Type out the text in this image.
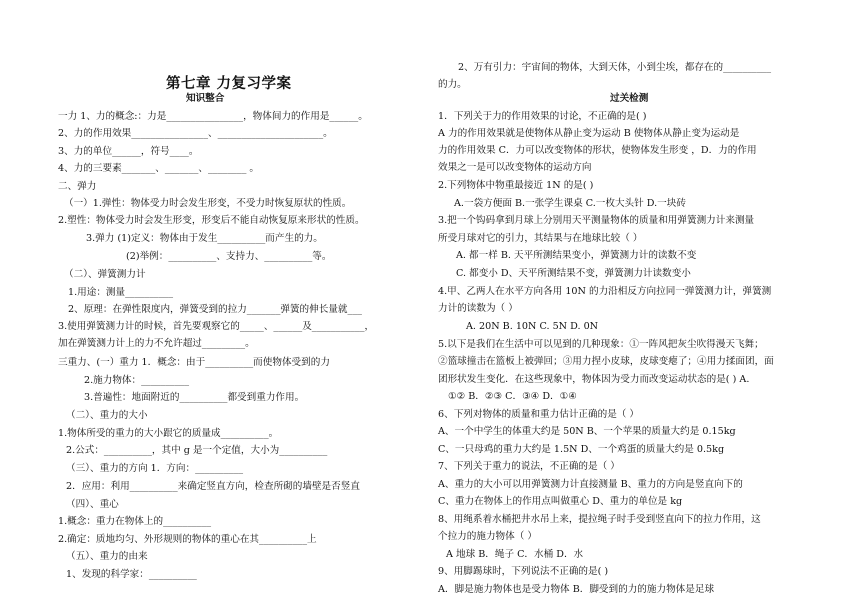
第七章 力复习学案
知识整合
一力 1、力的概念:：力是________________，物体间力的作用是______。
2、力的作用效果________________、______________________。
3、力的单位______，符号____。
4、力的三要素_______、_______、________ 。
二、弹力
（一）1.弹性：物体受力时会发生形变，不受力时恢复原状的性质。
2.塑性：物体受力时会发生形变，形变后不能自动恢复原来形状的性质。
3.弹力 (1)定义：物体由于发生__________而产生的力。
(2)举例：__________、支持力、__________等。
（二）、弹簧测力计
1.用途：测量__________
2、原理：在弹性限度内，弹簧受到的拉力_______弹簧的伸长量就___
3.使用弹簧测力计的时候，首先要观察它的_____、______及___________，
加在弹簧测力计上的力不允许超过_________。
三重力、(一）重力 1．概念：由于__________而使物体受到的力
2.施力物体：__________
3.普遍性：地面附近的__________都受到重力作用。
（二）、重力的大小
1.物体所受的重力的大小跟它的质量成__________。
2.公式：__________，其中 g 是一个定值，大小为__________
（三）、重力的方向 1．方向：__________
2．应用：利用__________来确定竖直方向，检查所砌的墙壁是否竖直
（四）、重心
1.概念：重力在物体上的__________
2.确定：质地均匀、外形规则的物体的重心在其__________上
（五）、重力的由来
1、发现的科学家：__________
过关检测
1．下列关于力的作用效果的讨论，不正确的是( )
A 力的作用效果就是使物体从静止变为运动 B 使物体从静止变为运动是
力的作用效果 C．力可以改变物体的形状，使物体发生形变 ，D．力的作用
效果之一是可以改变物体的运动方向
2.下列物体中物重最接近 1N 的是( )
A.一袋方便面 B.一张学生课桌 C.一枚大头针 D.一块砖
3.把一个钩码拿到月球上分别用天平测量物体的质量和用弹簧测力计来测量
所受月球对它的引力，其结果与在地球比较（ ）
A. 都一样 B. 天平所测结果变小，弹簧测力计的读数不变
C. 都变小 D、天平所测结果不变，弹簧测力计读数变小
4.甲、乙两人在水平方向各用 10N 的力沿相反方向拉同一弹簧测力计，弹簧测
力计的读数为（ ）
A. 20N B. 10N C. 5N D. 0N
5.以下是我们在生活中可以见到的几种现象：①一阵风把灰尘吹得漫天飞舞；
②篮球撞击在篮板上被弹回；③用力捏小皮球，皮球变瘪了；④用力揉面团，面
团形状发生变化．在这些现象中，物体因为受力而改变运动状态的是( ) A.
①② B．②③ C．③④ D．①④
6、下列对物体的质量和重力估计正确的是（ ）
A、一个中学生的体重大约是 50N B、一个苹果的质量大约是 0.15kg
C、一只母鸡的重力大约是 1.5N D、一个鸡蛋的质量大约是 0.5kg
7、下列关于重力的说法，不正确的是（ ）
A、重力的大小可以用弹簧测力计直接测量 B、重力的方向是竖直向下的
C、重力在物体上的作用点叫做重心 D、重力的单位是 kg
8、用绳系着水桶把井水吊上来，提拉绳子时手受到竖直向下的拉力作用，这
个拉力的施力物体（ ）
A 地球 B．绳子 C．水桶 D．水
9、用脚踢球时，下列说法不正确的是( )
A．脚是施力物体也是受力物体 B．脚受到的力的施力物体是足球
2、万有引力：宇宙间的物体，大到天体，小到尘埃，都存在的__________
的力。
